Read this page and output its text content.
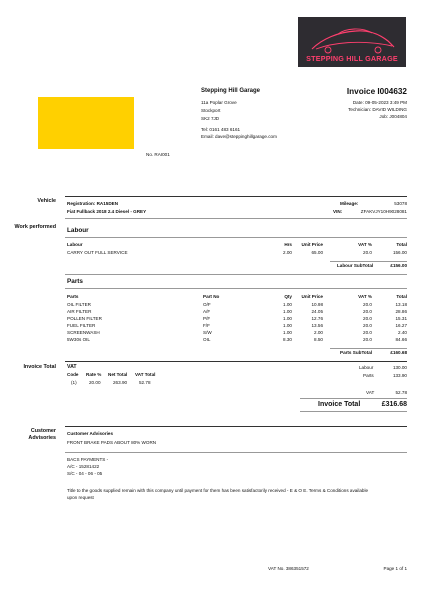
STEPPING HILL GARAGE
No. RAI001
Stepping Hill Garage
11a Poplar Grove
Stockport
SK2 7JD
Tel: 0161 483 6161
Email: dave@steppinghillgarage.com
Invoice I004632
Date: 09-05-2023 3:49 PM
Technician: DAVID WILDING
Job: J004804
Vehicle Registration: RA15DEN
Fiat Fullback 2018 2.4 Diesel - GREY
Mileage:	53078
VIN:	ZFAKVJY10H9028081
Work performed Labour
Labour	Hrs Unit Price	VAT %	Total
CARRY OUT FULL SERVICE	2.00	65.00	20.0	156.00
Labour SubTotal	£156.00
Parts
Parts	Part No	Qty Unit Price	VAT %	Total
OIL FILTER	O/F	1.00	10.98	20.0	13.18
AIR FILTER	A/F	1.00	24.05	20.0	28.86
POLLEN FILTER	P/F	1.00	12.76	20.0	15.31
FUEL FILTER	F/F	1.00	13.56	20.0	16.27
SCREENWASH	S/W	1.00	2.00	20.0	2.40
5W30s OIL	OIL	8.30	8.50	20.0	84.66
Parts SubTotal	£160.68
Invoice Total VAT
Code Rate % Net Total VAT Total
(1)	20.00	263.90	52.78
Labour	130.00
Parts	133.90
VAT	52.78
Invoice Total	£316.68
Customer
Advisories
Customer Advisories
FRONT BRAKE PADS ABOUT 80% WORN
BACS PAYMENTS -
A/C - 15281422
S/C - 04 - 06 - 05
Title to the goods supplied remain with this company until payment for them has been satisfactorily received - E & O E. Terms & Conditions available
upon request
VAT No. 386351572	Page 1 of 1
